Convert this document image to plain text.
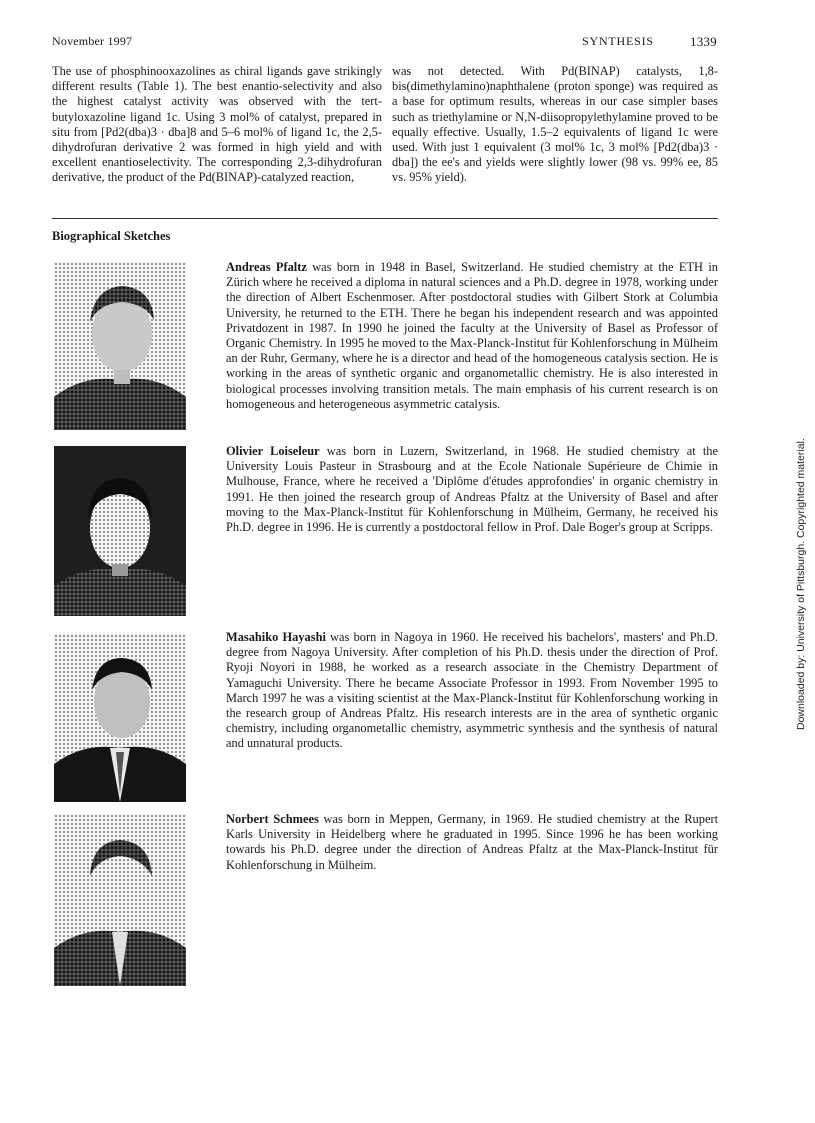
November 1997	SYNTHESIS	1339
The use of phosphinooxazolines as chiral ligands gave strikingly different results (Table 1). The best enantio-selectivity and also the highest catalyst activity was observed with the tert-butyloxazoline ligand 1c. Using 3 mol% of catalyst, prepared in situ from [Pd2(dba)3 · dba]8 and 5–6 mol% of ligand 1c, the 2,5-dihydrofuran derivative 2 was formed in high yield and with excellent enantioselectivity. The corresponding 2,3-dihydrofuran derivative, the product of the Pd(BINAP)-catalyzed reaction,
was not detected. With Pd(BINAP) catalysts, 1,8-bis(dimethylamino)naphthalene (proton sponge) was required as a base for optimum results, whereas in our case simpler bases such as triethylamine or N,N-diisopropylethylamine proved to be equally effective. Usually, 1.5–2 equivalents of ligand 1c were used. With just 1 equivalent (3 mol% 1c, 3 mol% [Pd2(dba)3 · dba]) the ee's and yields were slightly lower (98 vs. 99% ee, 85 vs. 95% yield).
Biographical Sketches
Andreas Pfaltz was born in 1948 in Basel, Switzerland. He studied chemistry at the ETH in Zürich where he received a diploma in natural sciences and a Ph.D. degree in 1978, working under the direction of Albert Eschenmoser. After postdoctoral studies with Gilbert Stork at Columbia University, he returned to the ETH. There he began his independent research and was appointed Privatdozent in 1987. In 1990 he joined the faculty at the University of Basel as Professor of Organic Chemistry. In 1995 he moved to the Max-Planck-Institut für Kohlenforschung in Mülheim an der Ruhr, Germany, where he is a director and head of the homogeneous catalysis section. He is working in the areas of synthetic organic and organometallic chemistry. He is also interested in biological processes involving transition metals. The main emphasis of his current research is on homogeneous and heterogeneous asymmetric catalysis.
Olivier Loiseleur was born in Luzern, Switzerland, in 1968. He studied chemistry at the University Louis Pasteur in Strasbourg and at the Ecole Nationale Supérieure de Chimie in Mulhouse, France, where he received a 'Diplôme d'études approfondies' in organic chemistry in 1991. He then joined the research group of Andreas Pfaltz at the University of Basel and after moving to the Max-Planck-Institut für Kohlenforschung in Mülheim, Germany, he received his Ph.D. degree in 1996. He is currently a postdoctoral fellow in Prof. Dale Boger's group at Scripps.
Masahiko Hayashi was born in Nagoya in 1960. He received his bachelors', masters' and Ph.D. degree from Nagoya University. After completion of his Ph.D. thesis under the direction of Prof. Ryoji Noyori in 1988, he worked as a research associate in the Chemistry Department of Yamaguchi University. There he became Associate Professor in 1993. From November 1995 to March 1997 he was a visiting scientist at the Max-Planck-Institut für Kohlenforschung working in the research group of Andreas Pfaltz. His research interests are in the area of synthetic organic chemistry, including organometallic chemistry, asymmetric synthesis and the synthesis of natural and unnatural products.
Norbert Schmees was born in Meppen, Germany, in 1969. He studied chemistry at the Rupert Karls University in Heidelberg where he graduated in 1995. Since 1996 he has been working towards his Ph.D. degree under the direction of Andreas Pfaltz at the Max-Planck-Institut für Kohlenforschung in Mülheim.
Downloaded by: University of Pittsburgh. Copyrighted material.
